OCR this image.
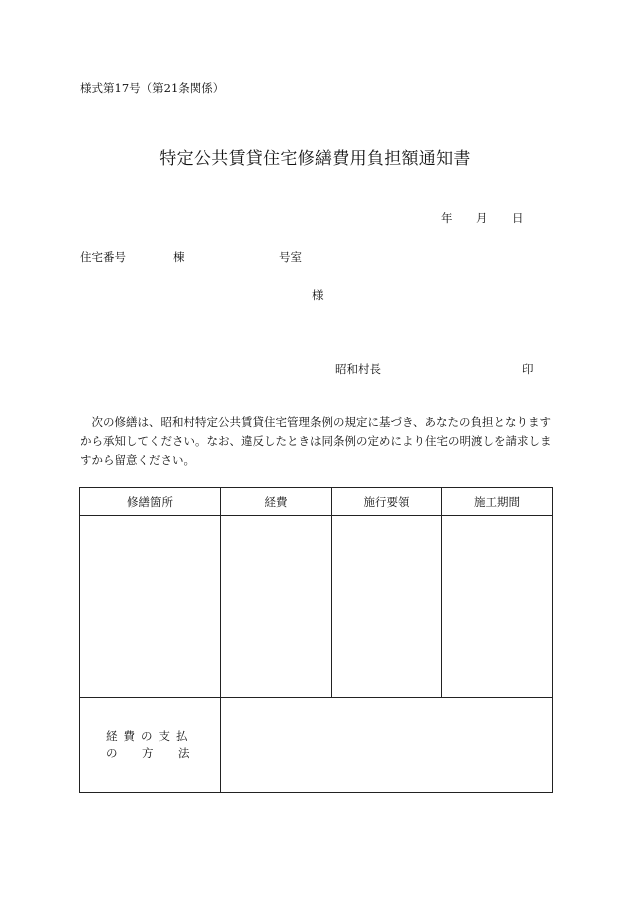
様式第17号（第21条関係）
特定公共賃貸住宅修繕費用負担額通知書
年 月 日
住宅番号	棟	号室
様
昭和村長	印
次の修繕は、昭和村特定公共賃貸住宅管理条例の規定に基づき、あなたの負担となりますから承知してください。なお、違反したときは同条例の定めにより住宅の明渡しを請求しますから留意ください。
修繕箇所	経費	施行要領	施工期間

経費の支払
の 方 法			
